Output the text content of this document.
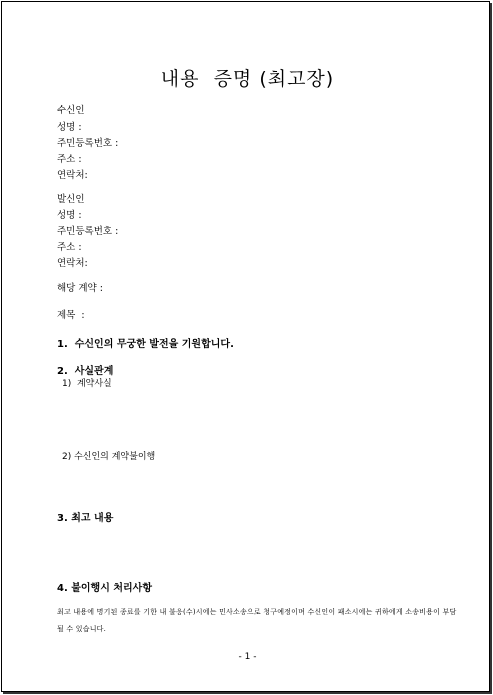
내용  증명 (최고장)
수신인
성명 :
주민등록번호 :
주소 :
연락처:
발신인
성명 :
주민등록번호 :
주소 :
연락처:
해당 계약 :
제목  :
1.  수신인의 무궁한 발전을 기원합니다.
2.  사실관계
1)  계약사실
2) 수신인의 계약불이행
3. 최고 내용
4. 불이행시 처리사항
최고 내용에 명기된 종료를 기한 내 불응(수)시에는 민사소송으로 청구예정이며 수신인이 패소시에는 귀하에게 소송비용이 부담될 수 있습니다.
- 1 -
